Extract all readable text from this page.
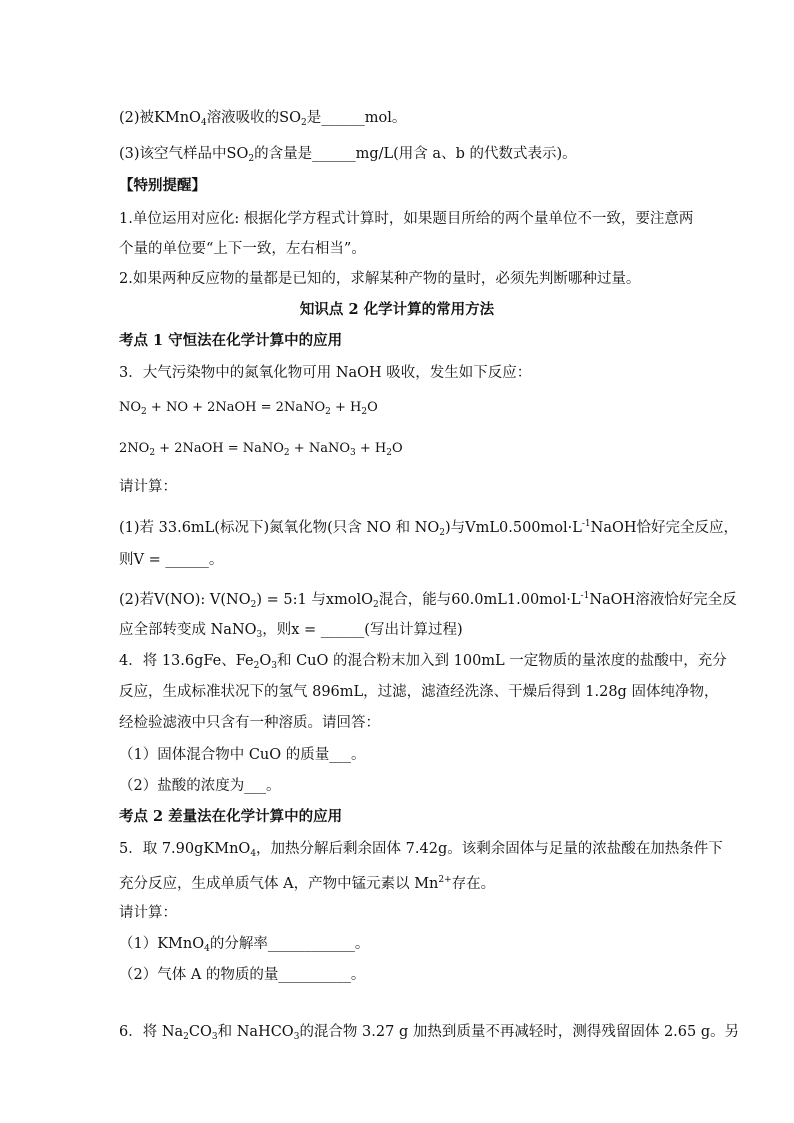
(2)被KMnO$_4$溶液吸收的$SO_2$是______mol。
(3)该空气样品中$SO_2$的含量是______mg/L(用含 a、b 的代数式表示)。
【特别提醒】
1.单位运用对应化: 根据化学方程式计算时，如果题目所给的两个量单位不一致，要注意两
个量的单位要“上下一致，左右相当”。
2.如果两种反应物的量都是已知的，求解某种产物的量时，必须先判断哪种过量。
知识点 2 化学计算的常用方法
考点 1 守恒法在化学计算中的应用
3．大气污染物中的氮氧化物可用 NaOH 吸收，发生如下反应：
$NO_2$ + NO + 2NaOH = 2NaNO$_2$ + $H_2O$
$2NO_2$ + 2NaOH = NaNO$_2$ + NaNO$_3$ + $H_2O$
请计算：
(1)若 33.6mL(标况下)氮氧化物(只含 NO 和 $NO_2$)与$VmL0.500mol\cdot L^{-1}NaOH$恰好完全反应，
则V = ______。
(2)若V(NO): $V(NO_2)$ = 5:1 与xmolO$_2$混合，能与$60.0mL1.00mol\cdot L^{-1}NaOH$溶液恰好完全反
应全部转变成 NaNO$_3$，则x = ______(写出计算过程)
4．将 13.6gFe、$Fe_2O_3$和 CuO 的混合粉末加入到 100mL 一定物质的量浓度的盐酸中，充分
反应，生成标准状况下的氢气 896mL，过滤，滤渣经洗涤、干燥后得到 1.28g 固体纯净物，
经检验滤液中只含有一种溶质。请回答：
（1）固体混合物中 CuO 的质量___。
（2）盐酸的浓度为___。
考点 2 差量法在化学计算中的应用
5．取 7.90gKMnO$_4$，加热分解后剩余固体 7.42g。该剩余固体与足量的浓盐酸在加热条件下
充分反应，生成单质气体 A，产物中锰元素以 $Mn^{2+}$存在。
请计算：
（1）KMnO$_4$的分解率____________。
（2）气体 A 的物质的量__________。
6．将 $Na_2CO_3$和 NaHCO$_3$的混合物 3.27 g 加热到质量不再减轻时，测得残留固体 2.65 g。另
